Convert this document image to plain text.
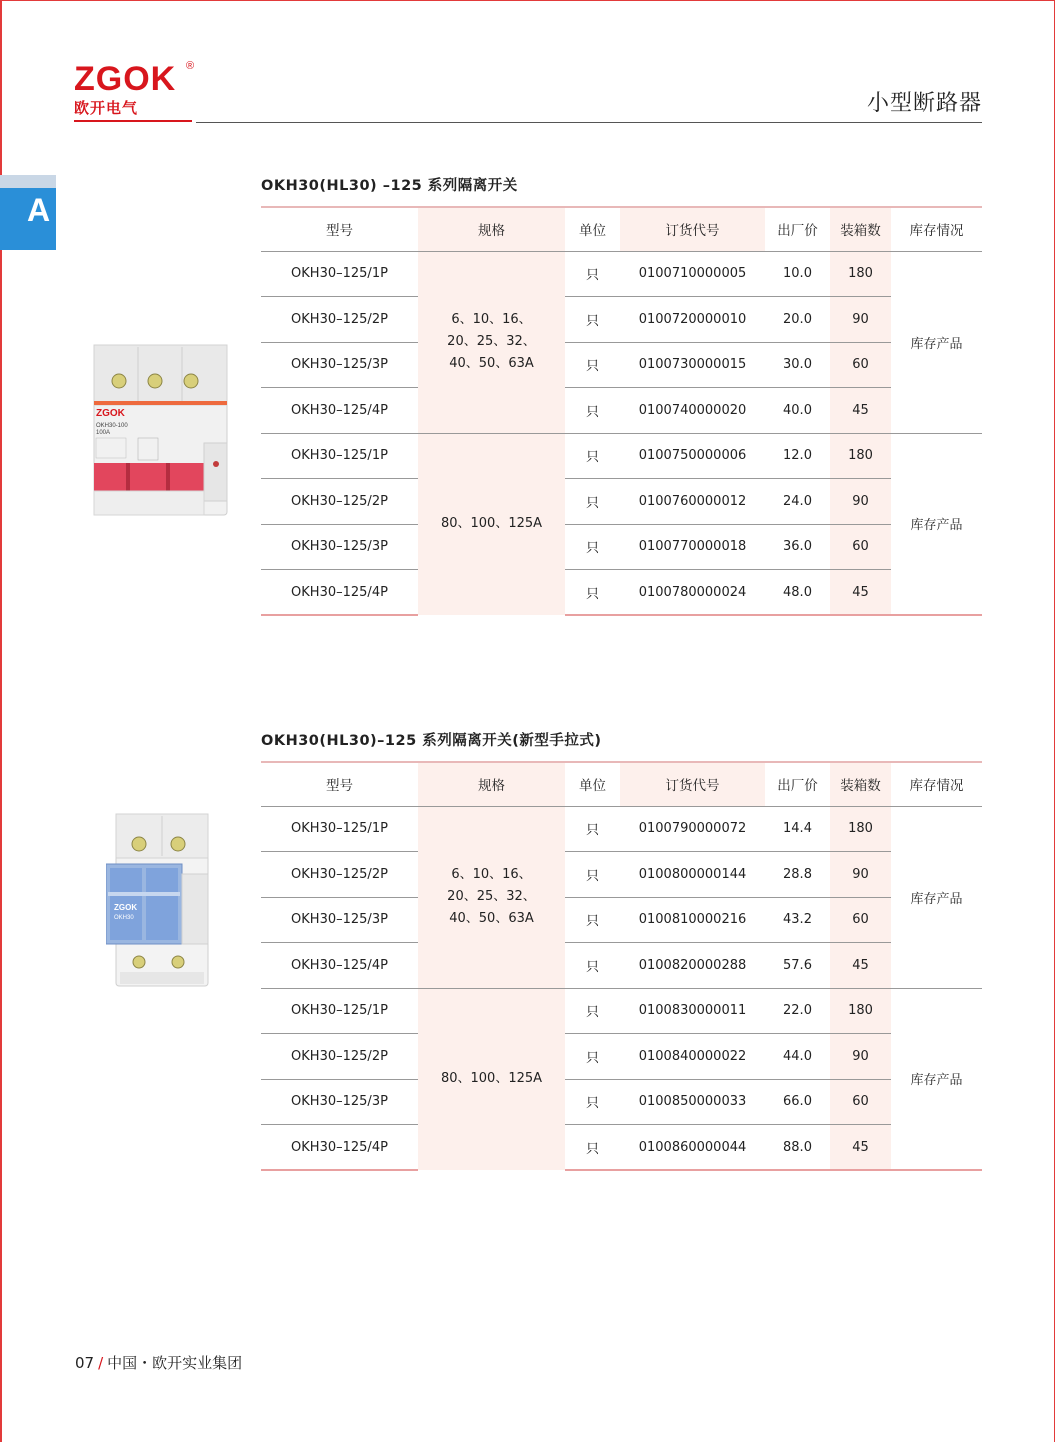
ZGOK ®
欧开电气	小型断路器
A
OKH30(HL30) –125 系列隔离开关
ZGOK
OKH30-100
100A
型号	规格	单位	订货代号	出厂价	装箱数	库存情况
OKH30–125/1P	6、10、16、
20、25、32、
40、50、63A	只	0100710000005	10.0	180	库存产品
OKH30–125/2P		只	0100720000010	20.0	90	
OKH30–125/3P		只	0100730000015	30.0	60	
OKH30–125/4P		只	0100740000020	40.0	45	
OKH30–125/1P	80、100、125A	只	0100750000006	12.0	180	库存产品
OKH30–125/2P		只	0100760000012	24.0	90	
OKH30–125/3P		只	0100770000018	36.0	60	
OKH30–125/4P		只	0100780000024	48.0	45	
OKH30(HL30)–125 系列隔离开关(新型手拉式)
ZGOK
OKH30
型号	规格	单位	订货代号	出厂价	装箱数	库存情况
OKH30–125/1P	6、10、16、
20、25、32、
40、50、63A	只	0100790000072	14.4	180	库存产品
OKH30–125/2P		只	0100800000144	28.8	90	
OKH30–125/3P		只	0100810000216	43.2	60	
OKH30–125/4P		只	0100820000288	57.6	45	
OKH30–125/1P	80、100、125A	只	0100830000011	22.0	180	库存产品
OKH30–125/2P		只	0100840000022	44.0	90	
OKH30–125/3P		只	0100850000033	66.0	60	
OKH30–125/4P		只	0100860000044	88.0	45	
07 / 中国・欧开实业集团
